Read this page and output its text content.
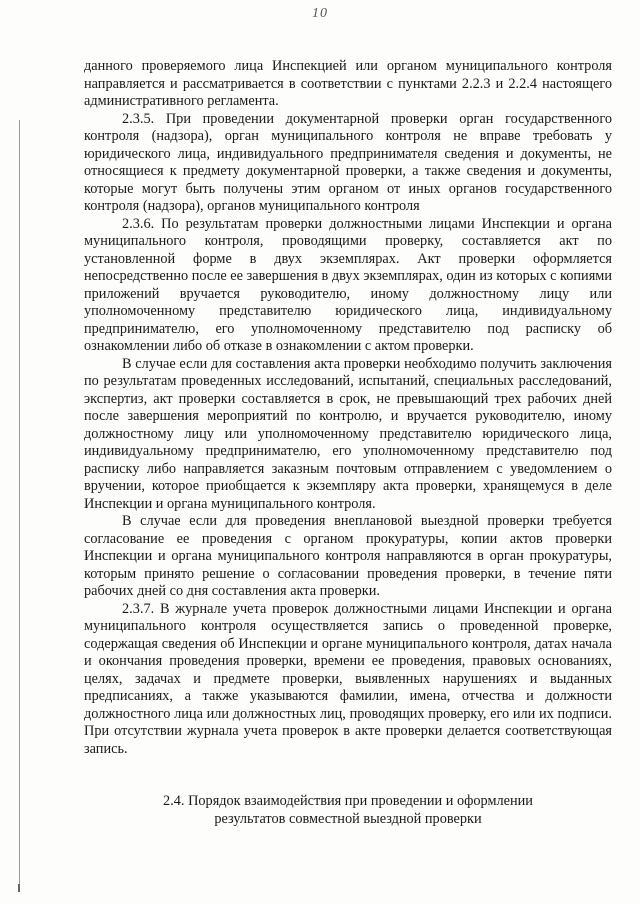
10

данного проверяемого лица Инспекцией или органом муниципального контроля направляется и рассматривается в соответствии с пунктами 2.2.3 и 2.2.4 настоящего административного регламента.

2.3.5. При проведении документарной проверки орган государственного контроля (надзора), орган муниципального контроля не вправе требовать у юридического лица, индивидуального предпринимателя сведения и документы, не относящиеся к предмету документарной проверки, а также сведения и документы, которые могут быть получены этим органом от иных органов государственного контроля (надзора), органов муниципального контроля

2.3.6. По результатам проверки должностными лицами Инспекции и органа муниципального контроля, проводящими проверку, составляется акт по установленной форме в двух экземплярах. Акт проверки оформляется непосредственно после ее завершения в двух экземплярах, один из которых с копиями приложений вручается руководителю, иному должностному лицу или уполномоченному представителю юридического лица, индивидуальному предпринимателю, его уполномоченному представителю под расписку об ознакомлении либо об отказе в ознакомлении с актом проверки.

В случае если для составления акта проверки необходимо получить заключения по результатам проведенных исследований, испытаний, специальных расследований, экспертиз, акт проверки составляется в срок, не превышающий трех рабочих дней после завершения мероприятий по контролю, и вручается руководителю, иному должностному лицу или уполномоченному представителю юридического лица, индивидуальному предпринимателю, его уполномоченному представителю под расписку либо направляется заказным почтовым отправлением с уведомлением о вручении, которое приобщается к экземпляру акта проверки, хранящемуся в деле Инспекции и органа муниципального контроля.

В случае если для проведения внеплановой выездной проверки требуется согласование ее проведения с органом прокуратуры, копии актов проверки Инспекции и органа муниципального контроля направляются в орган прокуратуры, которым принято решение о согласовании проведения проверки, в течение пяти рабочих дней со дня составления акта проверки.

2.3.7. В журнале учета проверок должностными лицами Инспекции и органа муниципального контроля осуществляется запись о проведенной проверке, содержащая сведения об Инспекции и органе муниципального контроля, датах начала и окончания проведения проверки, времени ее проведения, правовых основаниях, целях, задачах и предмете проверки, выявленных нарушениях и выданных предписаниях, а также указываются фамилии, имена, отчества и должности должностного лица или должностных лиц, проводящих проверку, его или их подписи. При отсутствии журнала учета проверок в акте проверки делается соответствующая запись.

2.4. Порядок взаимодействия при проведении и оформлении
результатов совместной выездной проверки
